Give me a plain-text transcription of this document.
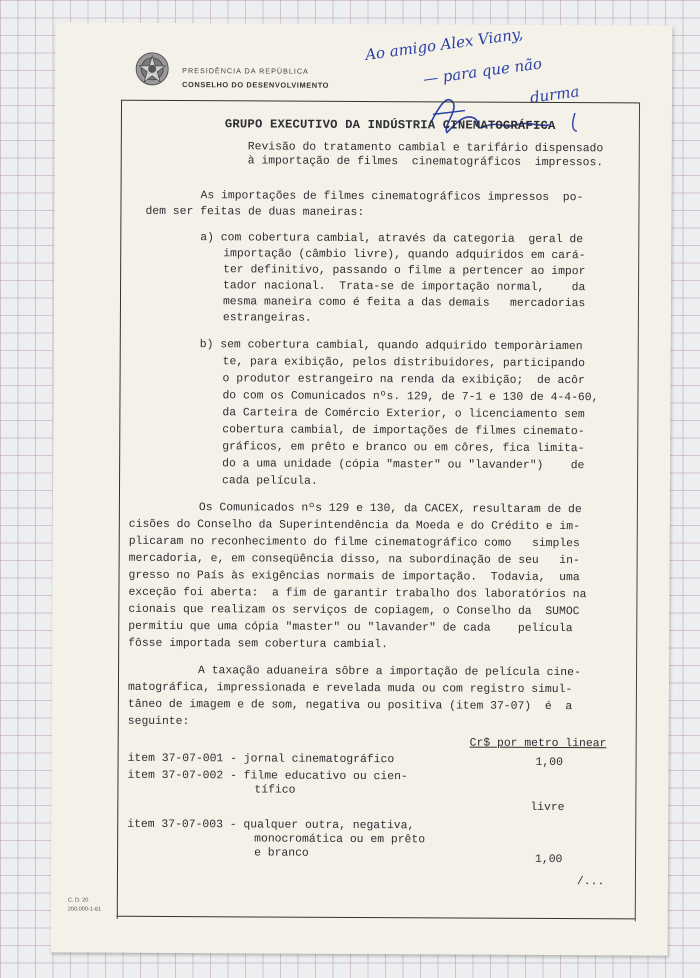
PRESIDÊNCIA DA REPÚBLICA
CONSELHO DO DESENVOLVIMENTO
Ao amigo Alex Viany,
— para que não
durma
GRUPO EXECUTIVO DA INDÚSTRIA CINEMATOGRÁFICA
Revisão do tratamento cambial e tarifário dispensado
à importação de filmes  cinematográficos  impressos.
As importações de filmes cinematográficos impressos  po-
dem ser feitas de duas maneiras:
a) com cobertura cambial, através da categoria  geral de
importação (câmbio livre), quando adquiridos em cará-
ter definitivo, passando o filme a pertencer ao impor
tador nacional.  Trata-se de importação normal,    da
mesma maneira como é feita a das demais   mercadorias
estrangeiras.
b) sem cobertura cambial, quando adquirido temporàriamen
te, para exibição, pelos distribuidores, participando
o produtor estrangeiro na renda da exibição;  de acôr
do com os Comunicados nºs. 129, de 7-1 e 130 de 4-4-60,
da Carteira de Comércio Exterior, o licenciamento sem
cobertura cambial, de importações de filmes cinemato-
gráficos, em prêto e branco ou em côres, fica limita-
do a uma unidade (cópia "master" ou "lavander")    de
cada película.
Os Comunicados nºs 129 e 130, da CACEX, resultaram de de
cisões do Conselho da Superintendência da Moeda e do Crédito e im-
plicaram no reconhecimento do filme cinematográfico como   simples
mercadoria, e, em conseqüência disso, na subordinação de seu   in-
gresso no País às exigências normais de importação.  Todavia,  uma
exceção foi aberta:  a fim de garantir trabalho dos laboratórios na
cionais que realizam os serviços de copiagem, o Conselho da  SUMOC
permitiu que uma cópia "master" ou "lavander" de cada    película
fôsse importada sem cobertura cambial.
A taxação aduaneira sôbre a importação de película cine-
matográfica, impressionada e revelada muda ou com registro simul-
tâneo de imagem e de som, negativa ou positiva (item 37-07)  é  a
seguinte:
Cr$ por metro linear
item 37-07-001 - jornal cinematográfico	1,00
item 37-07-002 - filme educativo ou cien-
tífico
livre
item 37-07-003 - qualquer outra, negativa,
monocromática ou em prêto
e branco
1,00
/...
C. D. 20
200.000-1-61
